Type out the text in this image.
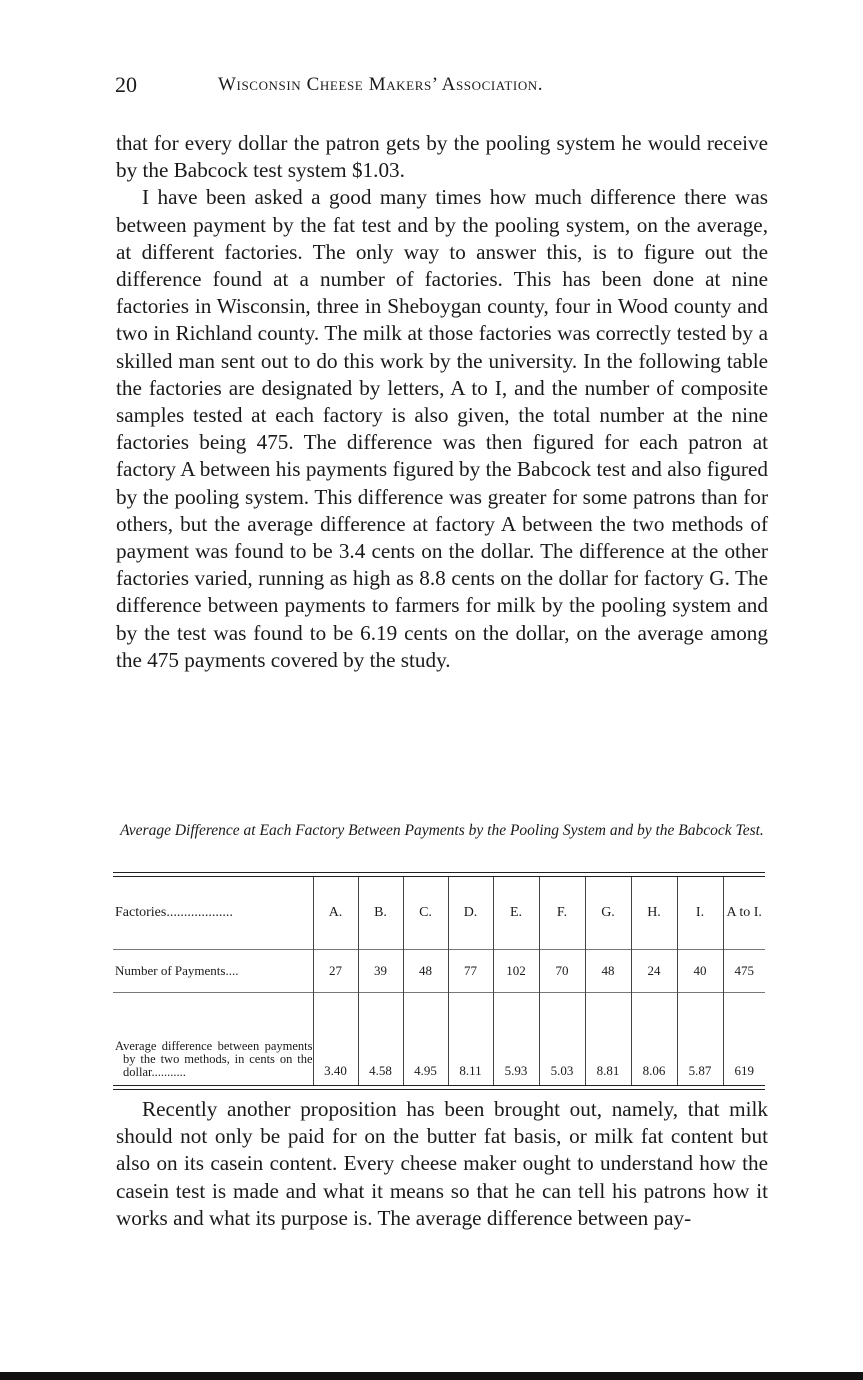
20	Wisconsin Cheese Makers’ Association.

that for every dollar the patron gets by the pooling system he would receive by the Babcock test system $1.03.

I have been asked a good many times how much difference there was between payment by the fat test and by the pooling system, on the average, at different factories. The only way to answer this, is to figure out the difference found at a number of factories. This has been done at nine factories in Wisconsin, three in Sheboygan county, four in Wood county and two in Richland county. The milk at those factories was correctly tested by a skilled man sent out to do this work by the university. In the following table the factories are designated by letters, A to I, and the number of composite samples tested at each factory is also given, the total number at the nine factories being 475. The difference was then figured for each patron at factory A between his payments figured by the Babcock test and also figured by the pooling system. This difference was greater for some patrons than for others, but the average difference at factory A between the two methods of payment was found to be 3.4 cents on the dollar. The difference at the other factories varied, running as high as 8.8 cents on the dollar for factory G. The difference between payments to farmers for milk by the pooling system and by the test was found to be 6.19 cents on the dollar, on the average among the 475 payments covered by the study.

Average Difference at Each Factory Between Payments by the Pooling System and by the Babcock Test.
Factories...................	A.	B.	C.	D.	E.	F.	G.	H.	I.	A to I.
Number of Payments....	27	39	48	77	102	70	48	24	40	475

Average difference between payments by the two methods, in cents on the dollar...........	3.40	4.58	4.95	8.11	5.93	5.03	8.81	8.06	5.87	619

Recently another proposition has been brought out, namely, that milk should not only be paid for on the butter fat basis, or milk fat content but also on its casein content. Every cheese maker ought to understand how the casein test is made and what it means so that he can tell his patrons how it works and what its purpose is. The average difference between pay-
